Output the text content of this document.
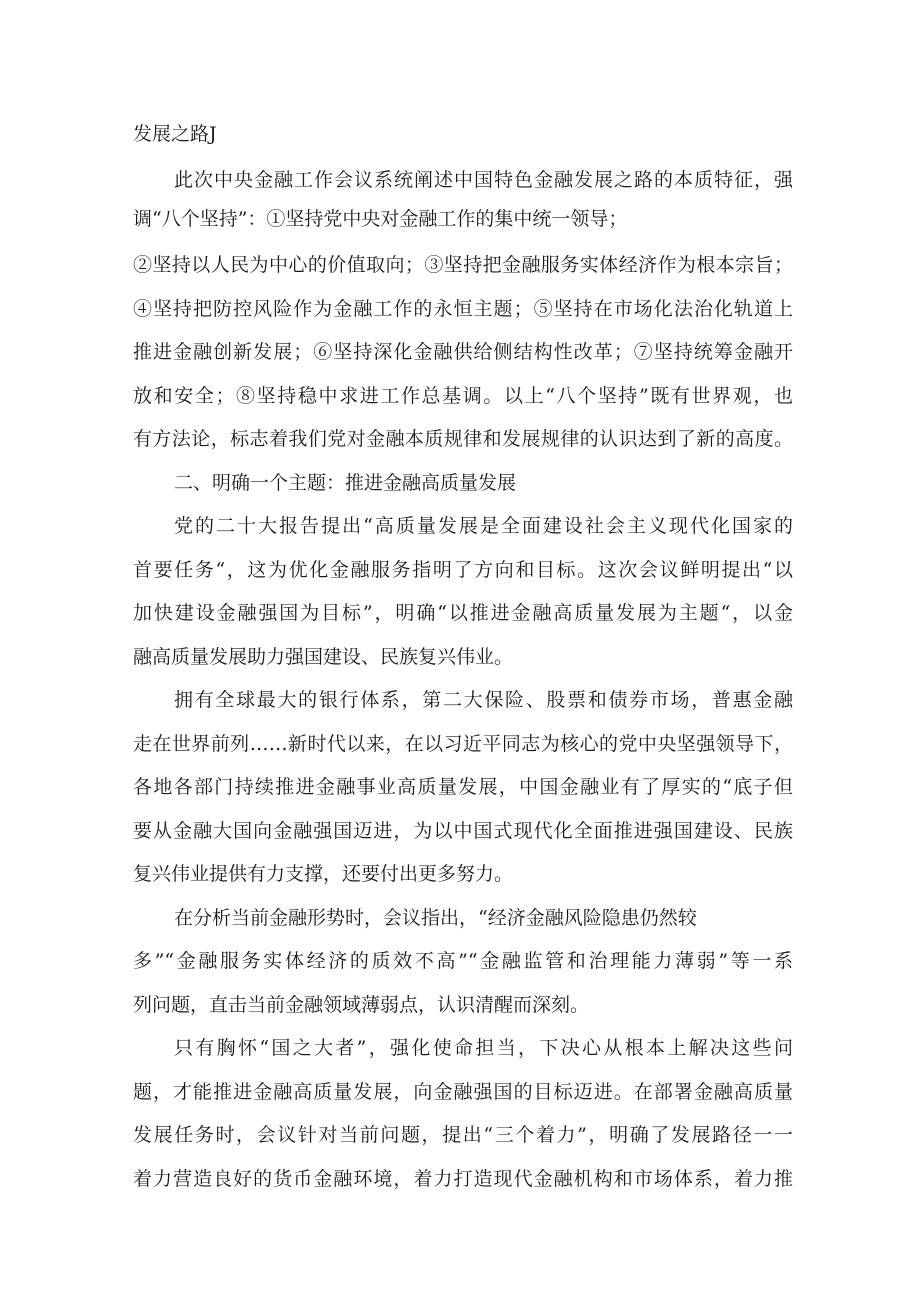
发展之路J
此次中央金融工作会议系统阐述中国特色金融发展之路的本质特征，强
调“八个坚持”：①坚持党中央对金融工作的集中统一领导；
②坚持以人民为中心的价值取向；③坚持把金融服务实体经济作为根本宗旨；
④坚持把防控风险作为金融工作的永恒主题；⑤坚持在市场化法治化轨道上
推进金融创新发展；⑥坚持深化金融供给侧结构性改革；⑦坚持统筹金融开
放和安全；⑧坚持稳中求进工作总基调。以上“八个坚持”既有世界观，也
有方法论，标志着我们党对金融本质规律和发展规律的认识达到了新的高度。
二、明确一个主题：推进金融高质量发展
党的二十大报告提出“高质量发展是全面建设社会主义现代化国家的
首要任务“，这为优化金融服务指明了方向和目标。这次会议鲜明提出“以
加快建设金融强国为目标”，明确“以推进金融高质量发展为主题“，以金
融高质量发展助力强国建设、民族复兴伟业。
拥有全球最大的银行体系，第二大保险、股票和债券市场，普惠金融
走在世界前列……新时代以来，在以习近平同志为核心的党中央坚强领导下，
各地各部门持续推进金融事业高质量发展，中国金融业有了厚实的“底子但
要从金融大国向金融强国迈进，为以中国式现代化全面推进强国建设、民族
复兴伟业提供有力支撑，还要付出更多努力。
在分析当前金融形势时，会议指出，“经济金融风险隐患仍然较
多”“金融服务实体经济的质效不高”“金融监管和治理能力薄弱”等一系
列问题，直击当前金融领域薄弱点，认识清醒而深刻。
只有胸怀“国之大者”，强化使命担当，下决心从根本上解决这些问
题，才能推进金融高质量发展，向金融强国的目标迈进。在部署金融高质量
发展任务时，会议针对当前问题，提出“三个着力”，明确了发展路径一一
着力营造良好的货币金融环境，着力打造现代金融机构和市场体系，着力推
